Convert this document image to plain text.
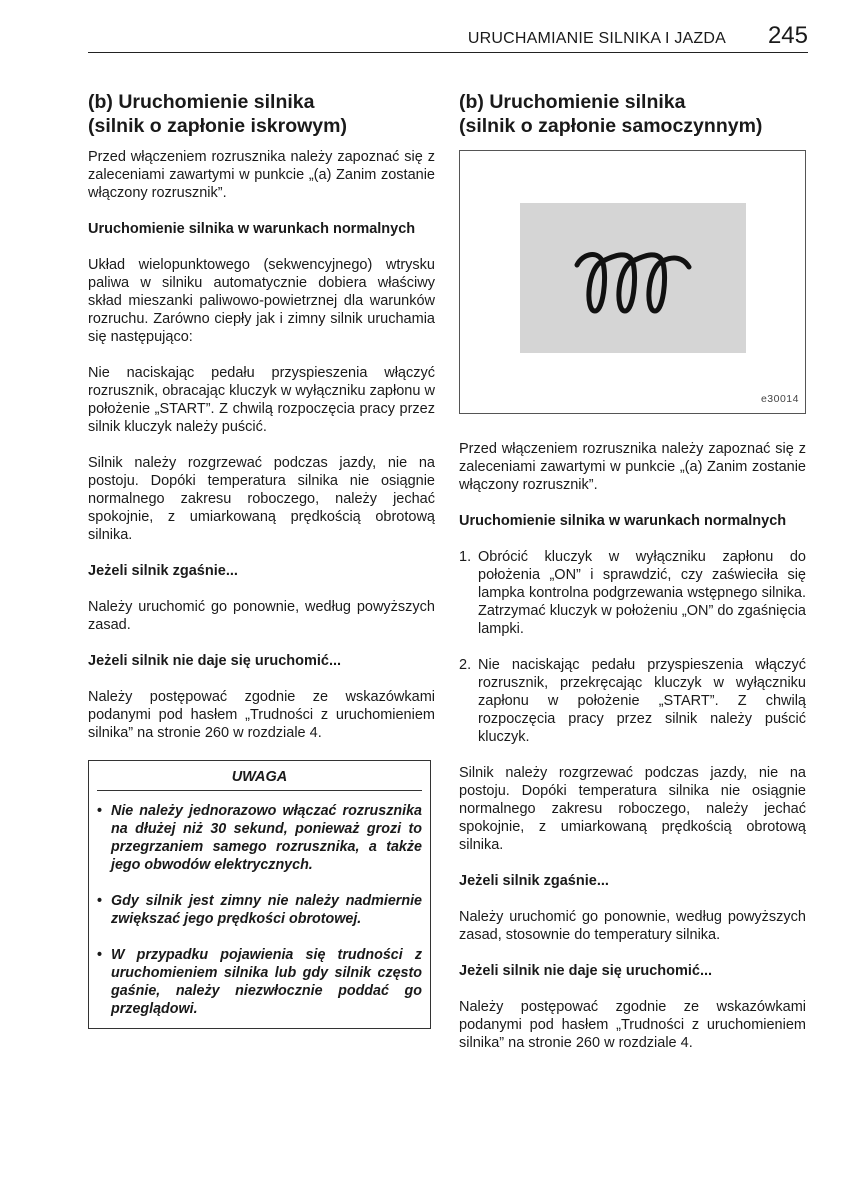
URUCHAMIANIE SILNIKA I JAZDA 245
(b) Uruchomienie silnika
(silnik o zapłonie iskrowym)

Przed włączeniem rozrusznika należy zapoznać się z zaleceniami zawartymi w punkcie „(a) Zanim zostanie włączony rozrusznik”.

Uruchomienie silnika w warunkach normalnych

Układ wielopunktowego (sekwencyjnego) wtrysku paliwa w silniku automatycznie dobiera właściwy skład mieszanki paliwowo-powietrznej dla warunków rozruchu. Zarówno ciepły jak i zimny silnik uruchamia się następująco:

Nie naciskając pedału przyspieszenia włączyć rozrusznik, obracając kluczyk w wyłączniku zapłonu w położenie „START”. Z chwilą rozpoczęcia pracy przez silnik kluczyk należy puścić.

Silnik należy rozgrzewać podczas jazdy, nie na postoju. Dopóki temperatura silnika nie osiągnie normalnego zakresu roboczego, należy jechać spokojnie, z umiarkowaną prędkością obrotową silnika.

Jeżeli silnik zgaśnie...

Należy uruchomić go ponownie, według powyższych zasad.

Jeżeli silnik nie daje się uruchomić...

Należy postępować zgodnie ze wskazówkami podanymi pod hasłem „Trudności z uruchomieniem silnika” na stronie 260 w rozdziale 4.

UWAGA
• Nie należy jednorazowo włączać rozrusznika na dłużej niż 30 sekund, ponieważ grozi to przegrzaniem samego rozrusznika, a także jego obwodów elektrycznych.
• Gdy silnik jest zimny nie należy nadmiernie zwiększać jego prędkości obrotowej.
• W przypadku pojawienia się trudności z uruchomieniem silnika lub gdy silnik często gaśnie, należy niezwłocznie poddać go przeglądowi.
(b) Uruchomienie silnika
(silnik o zapłonie samoczynnym)
e30014

Przed włączeniem rozrusznika należy zapoznać się z zaleceniami zawartymi w punkcie „(a) Zanim zostanie włączony rozrusznik”.

Uruchomienie silnika w warunkach normalnych

1. Obrócić kluczyk w wyłączniku zapłonu do położenia „ON” i sprawdzić, czy zaświeciła się lampka kontrolna podgrzewania wstępnego silnika. Zatrzymać kluczyk w położeniu „ON” do zgaśnięcia lampki.
2. Nie naciskając pedału przyspieszenia włączyć rozrusznik, przekręcając kluczyk w wyłączniku zapłonu w położenie „START”. Z chwilą rozpoczęcia pracy przez silnik należy puścić kluczyk.

Silnik należy rozgrzewać podczas jazdy, nie na postoju. Dopóki temperatura silnika nie osiągnie normalnego zakresu roboczego, należy jechać spokojnie, z umiarkowaną prędkością obrotową silnika.

Jeżeli silnik zgaśnie...

Należy uruchomić go ponownie, według powyższych zasad, stosownie do temperatury silnika.

Jeżeli silnik nie daje się uruchomić...

Należy postępować zgodnie ze wskazówkami podanymi pod hasłem „Trudności z uruchomieniem silnika” na stronie 260 w rozdziale 4.
